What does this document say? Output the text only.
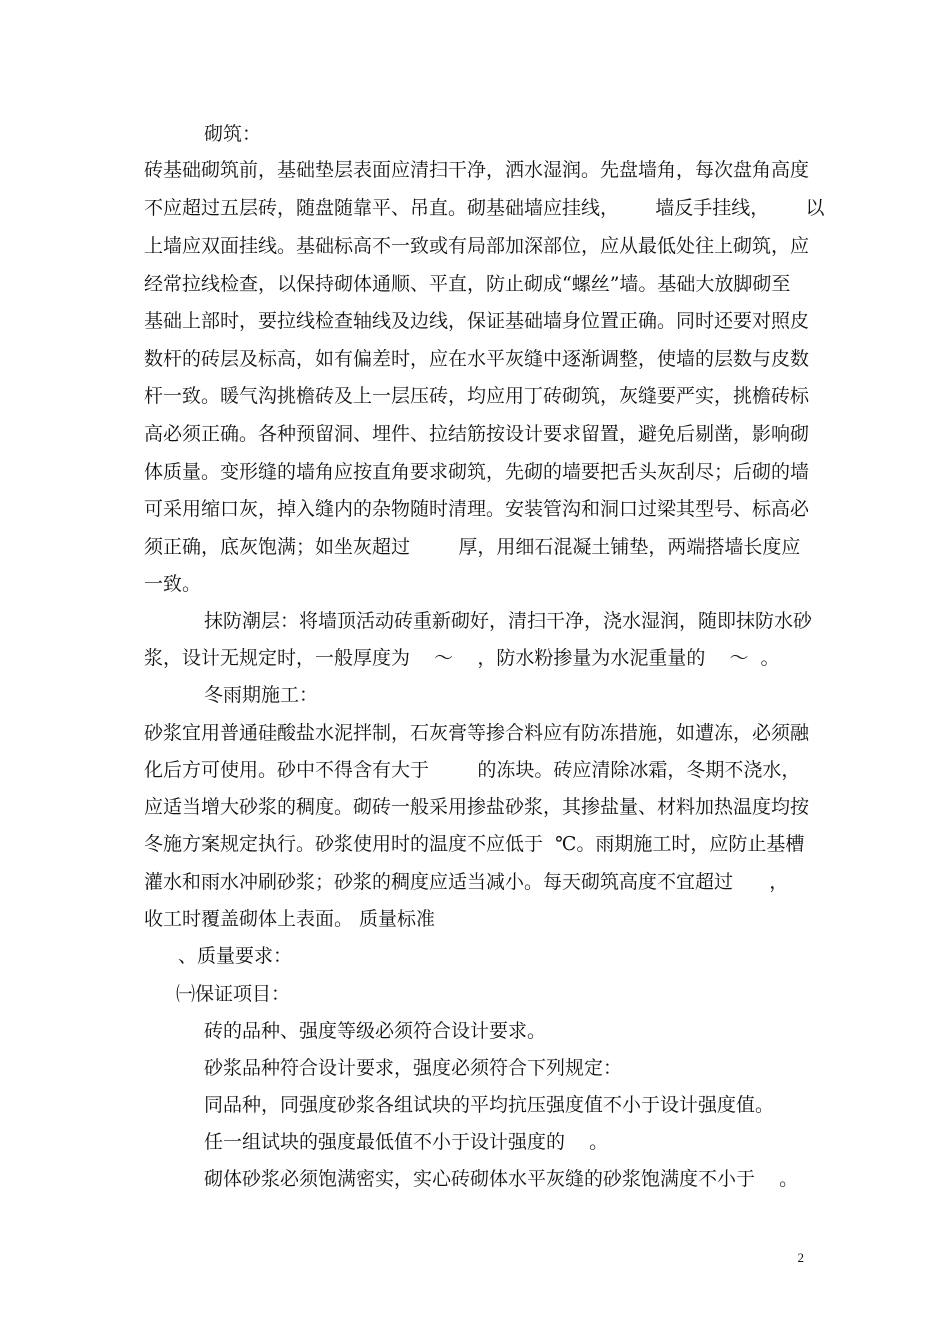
砌筑：
砖基础砌筑前，基础垫层表面应清扫干净，洒水湿润。先盘墙角，每次盘角高度
不应超过五层砖，随盘随靠平、吊直。砌基础墙应挂线，      墙反手挂线，      以
上墙应双面挂线。基础标高不一致或有局部加深部位，应从最低处往上砌筑，应
经常拉线检查，以保持砌体通顺、平直，防止砌成“螺丝”墙。基础大放脚砌至
基础上部时，要拉线检查轴线及边线，保证基础墙身位置正确。同时还要对照皮
数杆的砖层及标高，如有偏差时，应在水平灰缝中逐渐调整，使墙的层数与皮数
杆一致。暖气沟挑檐砖及上一层压砖，均应用丁砖砌筑，灰缝要严实，挑檐砖标
高必须正确。各种预留洞、埋件、拉结筋按设计要求留置，避免后剔凿，影响砌
体质量。变形缝的墙角应按直角要求砌筑，先砌的墙要把舌头灰刮尽；后砌的墙
可采用缩口灰，掉入缝内的杂物随时清理。安装管沟和洞口过梁其型号、标高必
须正确，底灰饱满；如坐灰超过        厚，用细石混凝土铺垫，两端搭墙长度应
一致。
抹防潮层：将墙顶活动砖重新砌好，清扫干净，浇水湿润，随即抹防水砂
浆，设计无规定时，一般厚度为    ～    ，防水粉掺量为水泥重量的    ～  。
冬雨期施工：
砂浆宜用普通硅酸盐水泥拌制，石灰膏等掺合料应有防冻措施，如遭冻，必须融
化后方可使用。砂中不得含有大于        的冻块。砖应清除冰霜，冬期不浇水，
应适当增大砂浆的稠度。砌砖一般采用掺盐砂浆，其掺盐量、材料加热温度均按
冬施方案规定执行。砂浆使用时的温度不应低于  ℃。雨期施工时，应防止基槽
灌水和雨水冲刷砂浆；砂浆的稠度应适当减小。每天砌筑高度不宜超过      ，
收工时覆盖砌体上表面。 质量标准
、质量要求：
㈠保证项目：
砖的品种、强度等级必须符合设计要求。
砂浆品种符合设计要求，强度必须符合下列规定：
同品种，同强度砂浆各组试块的平均抗压强度值不小于设计强度值。
任一组试块的强度最低值不小于设计强度的    。
砌体砂浆必须饱满密实，实心砖砌体水平灰缝的砂浆饱满度不小于    。
2
